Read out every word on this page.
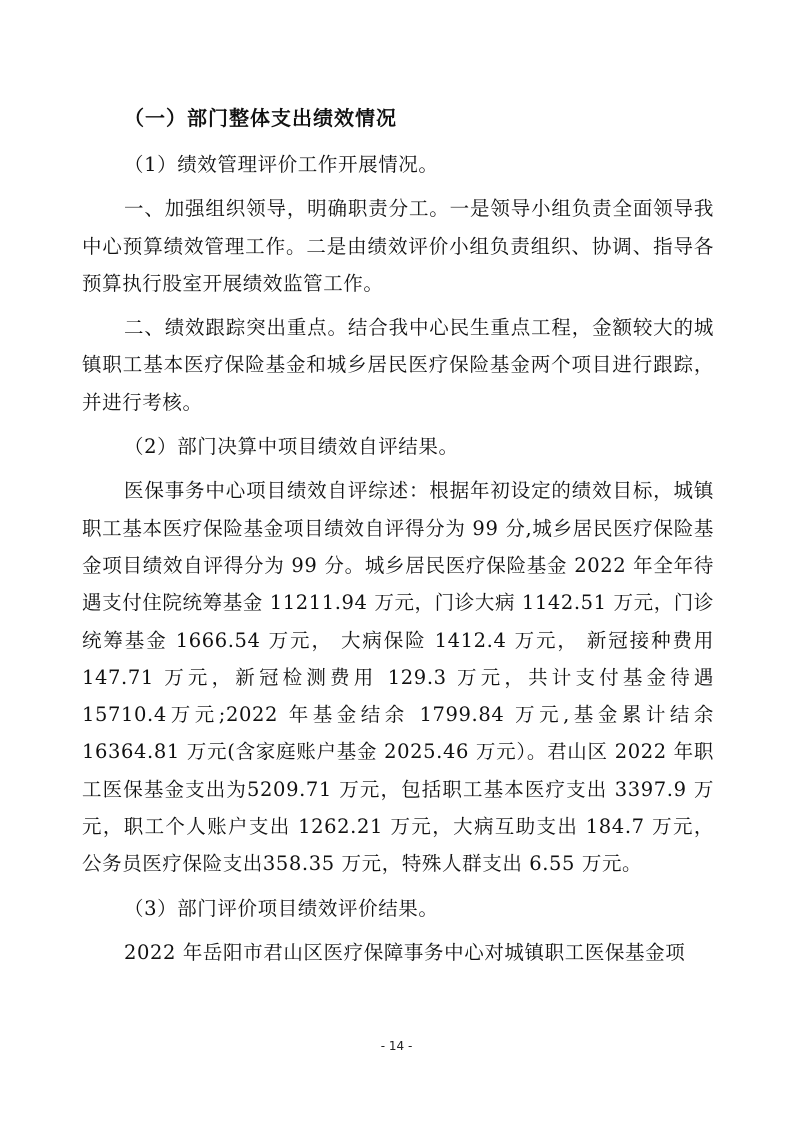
（一）部门整体支出绩效情况

（1）绩效管理评价工作开展情况。

一、加强组织领导，明确职责分工。一是领导小组负责全面领导我中心预算绩效管理工作。二是由绩效评价小组负责组织、协调、指导各预算执行股室开展绩效监管工作。

二、绩效跟踪突出重点。结合我中心民生重点工程，金额较大的城镇职工基本医疗保险基金和城乡居民医疗保险基金两个项目进行跟踪，并进行考核。

（2）部门决算中项目绩效自评结果。

医保事务中心项目绩效自评综述：根据年初设定的绩效目标，城镇职工基本医疗保险基金项目绩效自评得分为 99 分,城乡居民医疗保险基金项目绩效自评得分为 99 分。城乡居民医疗保险基金 2022 年全年待遇支付住院统筹基金 11211.94 万元，门诊大病 1142.51 万元，门诊统筹基金 1666.54 万元， 大病保险 1412.4 万元， 新冠接种费用147.71 万元，新冠检测费用 129.3 万元，共计支付基金待遇 15710.4万元;2022 年基金结余 1799.84 万元,基金累计结余 16364.81 万元(含家庭账户基金 2025.46 万元）。君山区 2022 年职工医保基金支出为5209.71 万元，包括职工基本医疗支出 3397.9 万元，职工个人账户支出 1262.21 万元，大病互助支出 184.7 万元，公务员医疗保险支出358.35 万元，特殊人群支出 6.55 万元。

（3）部门评价项目绩效评价结果。

2022 年岳阳市君山区医疗保障事务中心对城镇职工医保基金项

- 14 -
